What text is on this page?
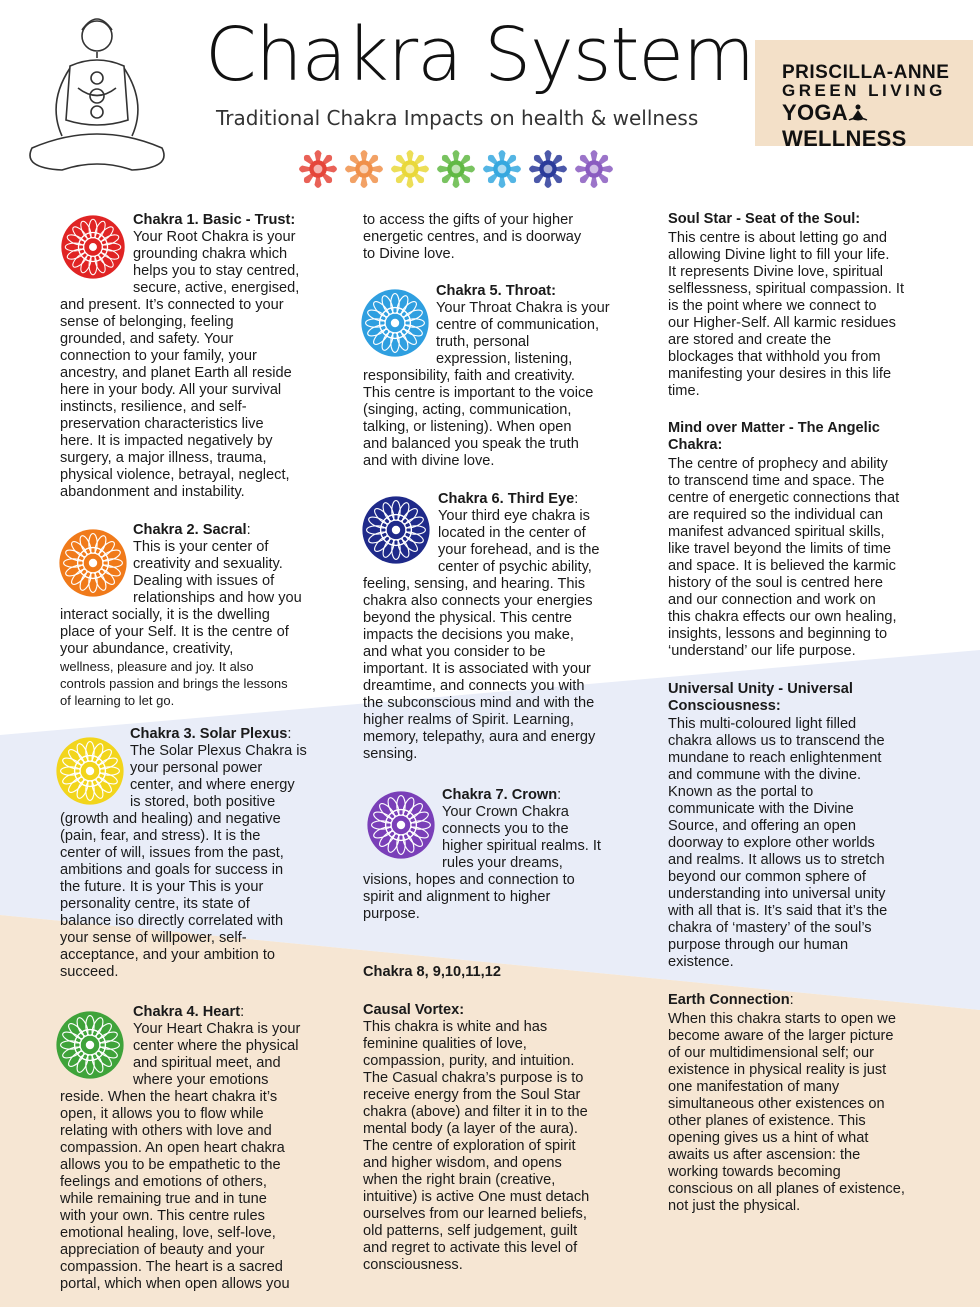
Chakra System
Traditional Chakra Impacts on health & wellness
PRISCILLA-ANNE
GREEN LIVING
YOGAWELLNESS
Chakra 1. Basic - Trust:
Your Root Chakra is your
grounding chakra which
helps you to stay centred,
secure, active, energised,
and present. It’s connected to your
sense of belonging, feeling
grounded, and safety. Your
connection to your family, your
ancestry, and planet Earth all reside
here in your body. All your survival
instincts, resilience, and self-
preservation characteristics live
here. It is impacted negatively by
surgery, a major illness, trauma,
physical violence, betrayal, neglect,
abandonment and instability.
Chakra 2. Sacral:
This is your center of
creativity and sexuality.
Dealing with issues of
relationships and how you
interact socially, it is the dwelling
place of your Self. It is the centre of
your abundance, creativity,
wellness, pleasure and joy. It also
controls passion and brings the lessons
of learning to let go.
Chakra 3. Solar Plexus:
The Solar Plexus Chakra is
your personal power
center, and where energy
is stored, both positive
(growth and healing) and negative
(pain, fear, and stress). It is the
center of will, issues from the past,
ambitions and goals for success in
the future. It is your This is your
personality centre, its state of
balance iso directly correlated with
your sense of willpower, self-
acceptance, and your ambition to
succeed.
Chakra 4. Heart:
Your Heart Chakra is your
center where the physical
and spiritual meet, and
where your emotions
reside. When the heart chakra it’s
open, it allows you to flow while
relating with others with love and
compassion. An open heart chakra
allows you to be empathetic to the
feelings and emotions of others,
while remaining true and in tune
with your own. This centre rules
emotional healing, love, self-love,
appreciation of beauty and your
compassion. The heart is a sacred
portal, which when open allows you
to access the gifts of your higher
energetic centres, and is doorway
to Divine love.
Chakra 5. Throat:
Your Throat Chakra is your
centre of communication,
truth, personal
expression, listening,
responsibility, faith and creativity.
This centre is important to the voice
(singing, acting, communication,
talking, or listening). When open
and balanced you speak the truth
and with divine love.
Chakra 6. Third Eye:
Your third eye chakra is
located in the center of
your forehead, and is the
center of psychic ability,
feeling, sensing, and hearing. This
chakra also connects your energies
beyond the physical. This centre
impacts the decisions you make,
and what you consider to be
important. It is associated with your
dreamtime, and connects you with
the subconscious mind and with the
higher realms of Spirit. Learning,
memory, telepathy, aura and energy
sensing.
Chakra 7. Crown:
Your Crown Chakra
connects you to the
higher spiritual realms. It
rules your dreams,
visions, hopes and connection to
spirit and alignment to higher
purpose.
Chakra 8, 9,10,11,12
Causal Vortex:
This chakra is white and has
feminine qualities of love,
compassion, purity, and intuition.
The Casual chakra’s purpose is to
receive energy from the Soul Star
chakra (above) and filter it in to the
mental body (a layer of the aura).
The centre of exploration of spirit
and higher wisdom, and opens
when the right brain (creative,
intuitive) is active One must detach
ourselves from our learned beliefs,
old patterns, self judgement, guilt
and regret to activate this level of
consciousness.
Soul Star - Seat of the Soul:
This centre is about letting go and
allowing Divine light to fill your life.
It represents Divine love, spiritual
selflessness, spiritual compassion. It
is the point where we connect to
our Higher-Self. All karmic residues
are stored and create the
blockages that withhold you from
manifesting your desires in this life
time.
Mind over Matter - The Angelic
Chakra:
The centre of prophecy and ability
to transcend time and space. The
centre of energetic connections that
are required so the individual can
manifest advanced spiritual skills,
like travel beyond the limits of time
and space. It is believed the karmic
history of the soul is centred here
and our connection and work on
this chakra effects our own healing,
insights, lessons and beginning to
‘understand’ our life purpose.
Universal Unity - Universal
Consciousness:
This multi-coloured light filled
chakra allows us to transcend the
mundane to reach enlightenment
and commune with the divine.
Known as the portal to
communicate with the Divine
Source, and offering an open
doorway to explore other worlds
and realms. It allows us to stretch
beyond our common sphere of
understanding into universal unity
with all that is. It’s said that it’s the
chakra of ‘mastery’ of the soul’s
purpose through our human
existence.
Earth Connection:
When this chakra starts to open we
become aware of the larger picture
of our multidimensional self; our
existence in physical reality is just
one manifestation of many
simultaneous other existences on
other planes of existence. This
opening gives us a hint of what
awaits us after ascension: the
working towards becoming
conscious on all planes of existence,
not just the physical.
